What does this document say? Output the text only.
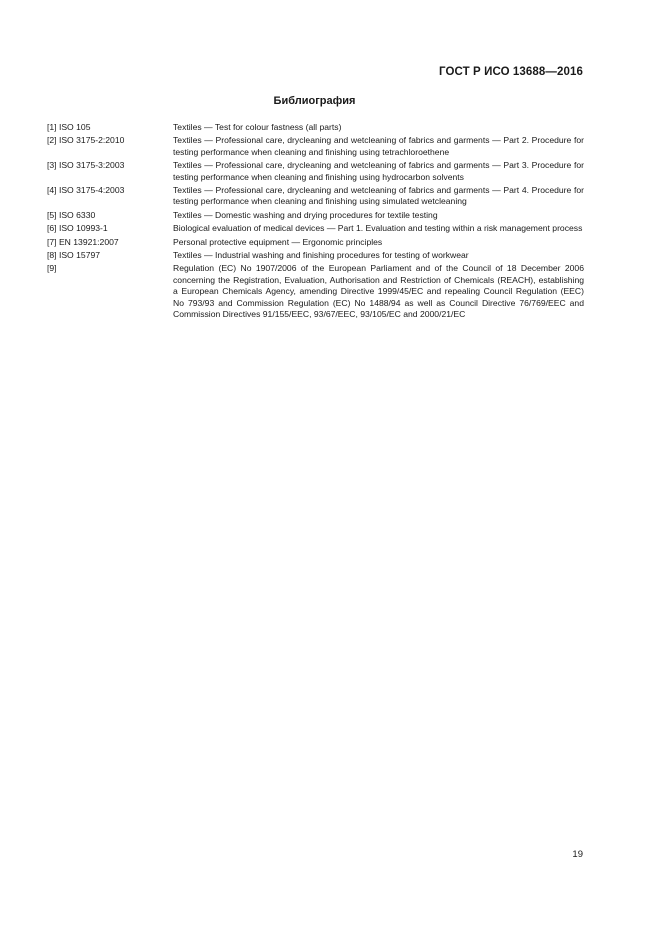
ГОСТ Р ИСО 13688—2016
Библиография
[1] ISO 105	Textiles — Test for colour fastness (all parts)
[2] ISO 3175-2:2010	Textiles — Professional care, drycleaning and wetcleaning of fabrics and garments — Part 2. Procedure for testing performance when cleaning and finishing using tetrachloroethene
[3] ISO 3175-3:2003	Textiles — Professional care, drycleaning and wetcleaning of fabrics and garments — Part 3. Procedure for testing performance when cleaning and finishing using hydrocarbon solvents
[4] ISO 3175-4:2003	Textiles — Professional care, drycleaning and wetcleaning of fabrics and garments — Part 4. Procedure for testing performance when cleaning and finishing using simulated wetcleaning
[5] ISO 6330	Textiles — Domestic washing and drying procedures for textile testing
[6] ISO 10993-1	Biological evaluation of medical devices — Part 1. Evaluation and testing within a risk management process
[7] EN 13921:2007	Personal protective equipment — Ergonomic principles
[8] ISO 15797	Textiles — Industrial washing and finishing procedures for testing of workwear
[9]	Regulation (EC) No 1907/2006 of the European Parliament and of the Council of 18 December 2006 concerning the Registration, Evaluation, Authorisation and Restriction of Chemicals (REACH), establishing a European Chemicals Agency, amending Directive 1999/45/EC and repealing Council Regulation (EEC) No 793/93 and Commission Regulation (EC) No 1488/94 as well as Council Directive 76/769/EEC and Commission Directives 91/155/EEC, 93/67/EEC, 93/105/EC and 2000/21/EC
19
